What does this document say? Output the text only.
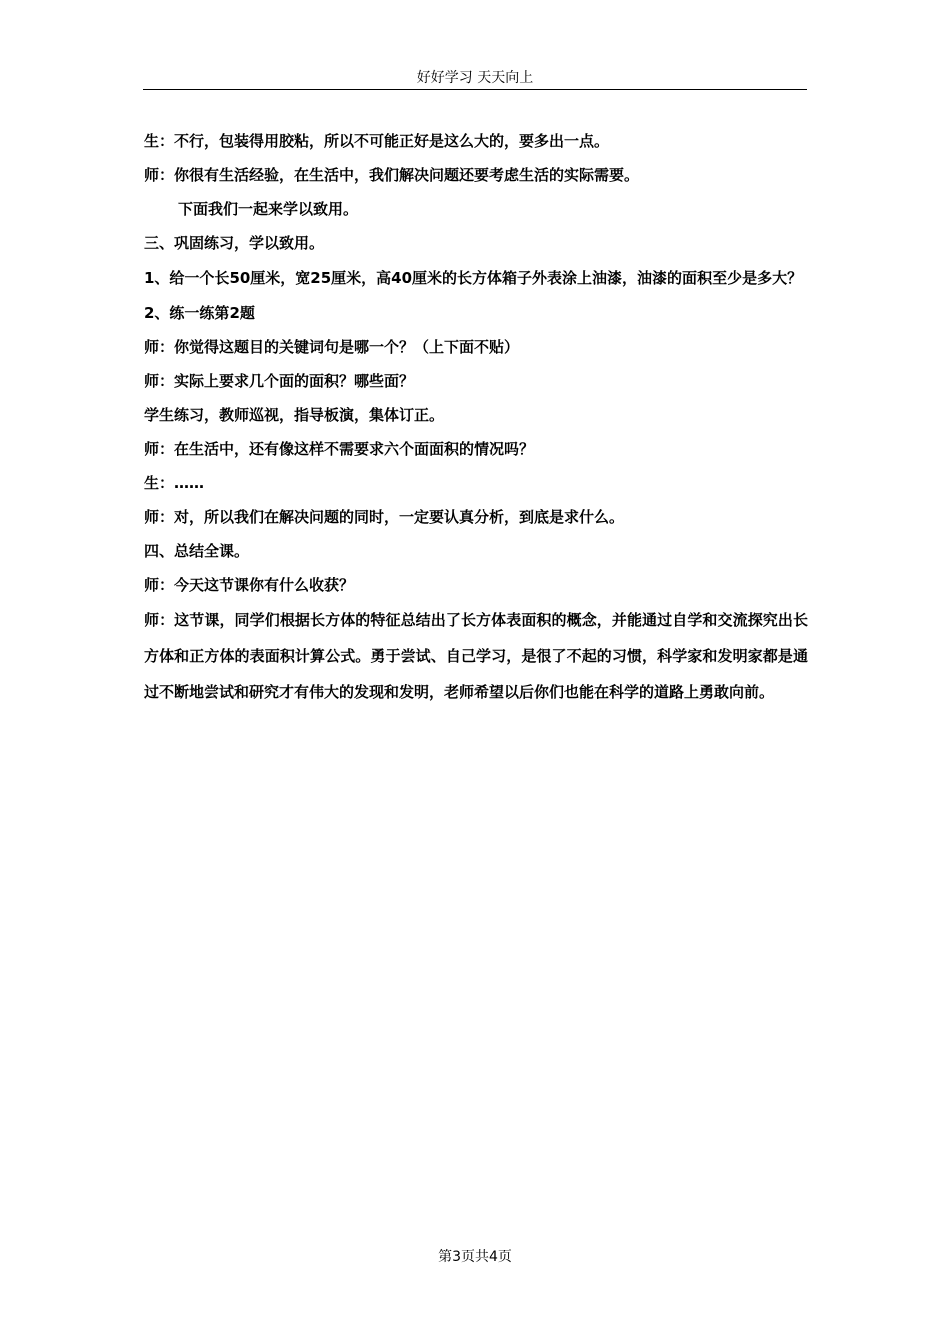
好好学习 天天向上

生：不行，包装得用胶粘，所以不可能正好是这么大的，要多出一点。

师：你很有生活经验，在生活中，我们解决问题还要考虑生活的实际需要。

下面我们一起来学以致用。

三、巩固练习，学以致用。

1、给一个长50厘米，宽25厘米，高40厘米的长方体箱子外表涂上油漆，油漆的面积至少是多大？

2、练一练第2题

师：你觉得这题目的关键词句是哪一个？（上下面不贴）

师：实际上要求几个面的面积？哪些面？

学生练习，教师巡视，指导板演，集体订正。

师：在生活中，还有像这样不需要求六个面面积的情况吗？

生：……

师：对，所以我们在解决问题的同时，一定要认真分析，到底是求什么。

四、总结全课。

师：今天这节课你有什么收获？

师：这节课，同学们根据长方体的特征总结出了长方体表面积的概念，并能通过自学和交流探究出长方体和正方体的表面积计算公式。勇于尝试、自己学习，是很了不起的习惯，科学家和发明家都是通过不断地尝试和研究才有伟大的发现和发明，老师希望以后你们也能在科学的道路上勇敢向前。

第3页共4页
